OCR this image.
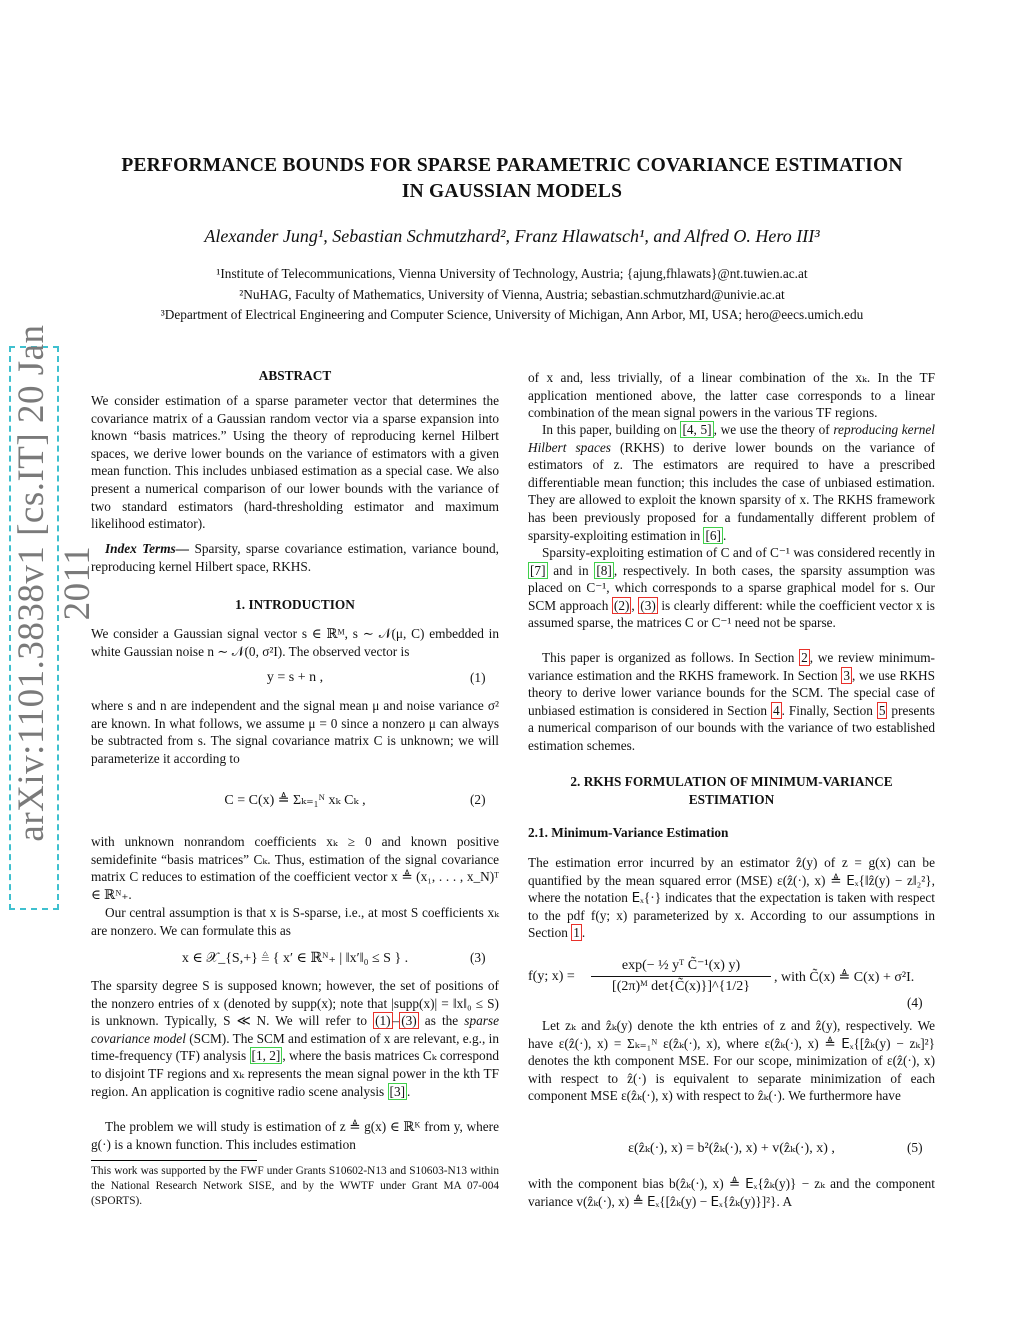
arXiv:1101.3838v1 [cs.IT] 20 Jan 2011
PERFORMANCE BOUNDS FOR SPARSE PARAMETRIC COVARIANCE ESTIMATION
IN GAUSSIAN MODELS
Alexander Jung¹, Sebastian Schmutzhard², Franz Hlawatsch¹, and Alfred O. Hero III³
¹Institute of Telecommunications, Vienna University of Technology, Austria; {ajung,fhlawats}@nt.tuwien.ac.at
²NuHAG, Faculty of Mathematics, University of Vienna, Austria; sebastian.schmutzhard@univie.ac.at
³Department of Electrical Engineering and Computer Science, University of Michigan, Ann Arbor, MI, USA; hero@eecs.umich.edu
ABSTRACT
We consider estimation of a sparse parameter vector that determines the covariance matrix of a Gaussian random vector via a sparse expansion into known “basis matrices.” Using the theory of reproducing kernel Hilbert spaces, we derive lower bounds on the variance of estimators with a given mean function. This includes unbiased estimation as a special case. We also present a numerical comparison of our lower bounds with the variance of two standard estimators (hard-thresholding estimator and maximum likelihood estimator).

Index Terms— Sparsity, sparse covariance estimation, variance bound, reproducing kernel Hilbert space, RKHS.

1. INTRODUCTION
We consider a Gaussian signal vector s ∈ ℝᴹ, s ∼ 𝒩(μ, C) embedded in white Gaussian noise n ∼ 𝒩(0, σ²I). The observed vector is
y = s + n ,	(1)
where s and n are independent and the signal mean μ and noise variance σ² are known. In what follows, we assume μ = 0 since a nonzero μ can always be subtracted from s. The signal covariance matrix C is unknown; we will parameterize it according to
C = C(x) ≜ Σₖ₌₁ᴺ xₖ Cₖ ,	(2)
with unknown nonrandom coefficients xₖ ≥ 0 and known positive semidefinite “basis matrices” Cₖ. Thus, estimation of the signal covariance matrix C reduces to estimation of the coefficient vector x ≜ (x₁, . . . , x_N)ᵀ ∈ ℝᴺ₊.

Our central assumption is that x is S-sparse, i.e., at most S coefficients xₖ are nonzero. We can formulate this as

x ∈ 𝒳_{S,+} ≜ { x′ ∈ ℝᴺ₊ | ‖x′‖₀ ≤ S } .	(3)

The sparsity degree S is supposed known; however, the set of positions of the nonzero entries of x (denoted by supp(x); note that |supp(x)| = ‖x‖₀ ≤ S) is unknown. Typically, S ≪ N. We will refer to (1) – (3) as the sparse covariance model (SCM). The SCM and estimation of x are relevant, e.g., in time-frequency (TF) analysis [1, 2] , where the basis matrices Cₖ correspond to disjoint TF regions and xₖ represents the mean signal power in the kth TF region. An application is cognitive radio scene analysis [3] .

The problem we will study is estimation of z ≜ g(x) ∈ ℝᴷ from y, where g(·) is a known function. This includes estimation

This work was supported by the FWF under Grants S10602-N13 and S10603-N13 within the National Research Network SISE, and by the WWTF under Grant MA 07-004 (SPORTS).
of x and, less trivially, of a linear combination of the xₖ. In the TF application mentioned above, the latter case corresponds to a linear combination of the mean signal powers in the various TF regions.

In this paper, building on [4, 5] , we use the theory of reproducing kernel Hilbert spaces (RKHS) to derive lower bounds on the variance of estimators of z. The estimators are required to have a prescribed differentiable mean function; this includes the case of unbiased estimation. They are allowed to exploit the known sparsity of x. The RKHS framework has been previously proposed for a fundamentally different problem of sparsity-exploiting estimation in [6] .

Sparsity-exploiting estimation of C and of C⁻¹ was considered recently in [7] and in [8] , respectively. In both cases, the sparsity assumption was placed on C⁻¹, which corresponds to a sparse graphical model for s. Our SCM approach (2) , (3) is clearly different: while the coefficient vector x is assumed sparse, the matrices C or C⁻¹ need not be sparse.

This paper is organized as follows. In Section 2 , we review minimum-variance estimation and the RKHS framework. In Section 3 , we use RKHS theory to derive lower variance bounds for the SCM. The special case of unbiased estimation is considered in Section 4 . Finally, Section 5 presents a numerical comparison of our bounds with the variance of two established estimation schemes.

2. RKHS FORMULATION OF MINIMUM-VARIANCE
ESTIMATION
2.1. Minimum-Variance Estimation

The estimation error incurred by an estimator ẑ(y) of z = g(x) can be quantified by the mean squared error (MSE) ε(ẑ(·), x) ≜ 𝖤ₓ{‖ẑ(y) − z‖₂²}, where the notation 𝖤ₓ{·} indicates that the expectation is taken with respect to the pdf f(y; x) parameterized by x. According to our assumptions in Section 1 .

f(y; x) =
exp(− ½ yᵀ C̃⁻¹(x) y)
[(2π)ᴹ det{C̃(x)}]^{1/2}
, with C̃(x) ≜ C(x) + σ²I.
(4)

Let zₖ and ẑₖ(y) denote the kth entries of z and ẑ(y), respectively. We have ε(ẑ(·), x) = Σₖ₌₁ᴺ ε(ẑₖ(·), x), where ε(ẑₖ(·), x) ≜ 𝖤ₓ{[ẑₖ(y) − zₖ]²} denotes the kth component MSE. For our scope, minimization of ε(ẑ(·), x) with respect to ẑ(·) is equivalent to separate minimization of each component MSE ε(ẑₖ(·), x) with respect to ẑₖ(·). We furthermore have

ε(ẑₖ(·), x) = b²(ẑₖ(·), x) + v(ẑₖ(·), x) ,	(5)
with the component bias b(ẑₖ(·), x) ≜ 𝖤ₓ{ẑₖ(y)} − zₖ and the component variance v(ẑₖ(·), x) ≜ 𝖤ₓ{[ẑₖ(y) − 𝖤ₓ{ẑₖ(y)}]²}. A
